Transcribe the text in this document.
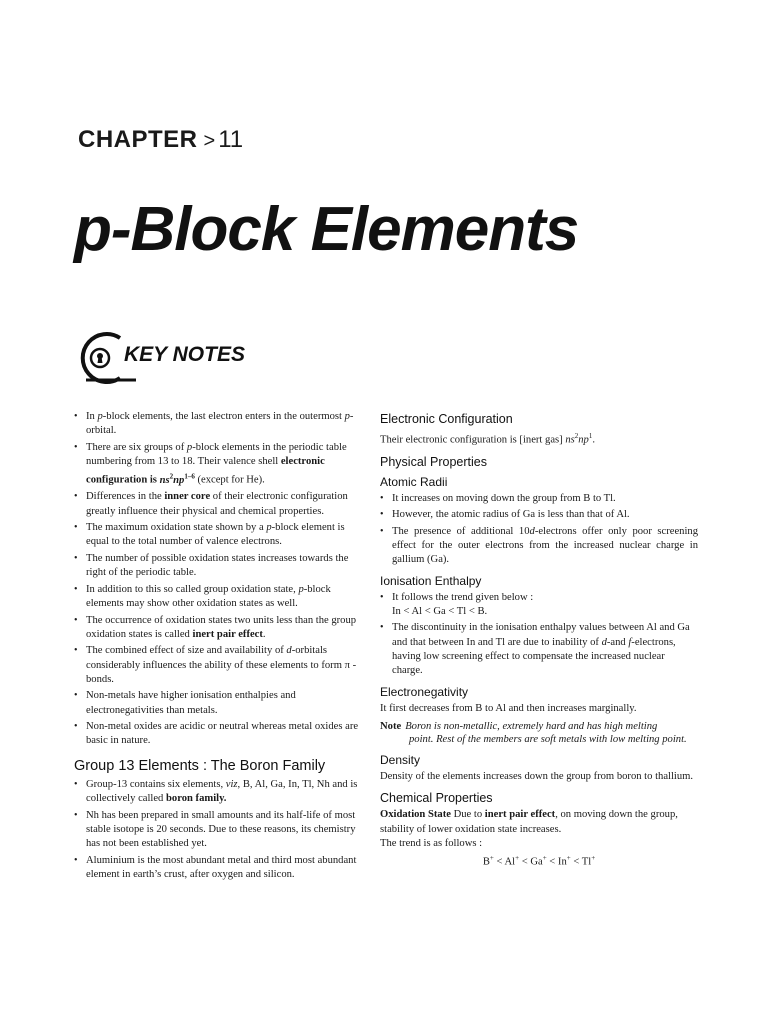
CHAPTER > 11
p-Block Elements
KEY NOTES
• In p-block elements, the last electron enters in the outermost p-orbital.
• There are six groups of p-block elements in the periodic table numbering from 13 to 18. Their valence shell electronic configuration is $ns^2np^{1-6}$ (except for He).
• Differences in the inner core of their electronic configuration greatly influence their physical and chemical properties.
• The maximum oxidation state shown by a p-block element is equal to the total number of valence electrons.
• The number of possible oxidation states increases towards the right of the periodic table.
• In addition to this so called group oxidation state, p-block elements may show other oxidation states as well.
• The occurrence of oxidation states two units less than the group oxidation states is called inert pair effect.
• The combined effect of size and availability of d-orbitals considerably influences the ability of these elements to form π -bonds.
• Non-metals have higher ionisation enthalpies and electronegativities than metals.
• Non-metal oxides are acidic or neutral whereas metal oxides are basic in nature.
Group 13 Elements : The Boron Family
• Group-13 contains six elements, viz, B, Al, Ga, In, Tl, Nh and is collectively called boron family.
• Nh has been prepared in small amounts and its half-life of most stable isotope is 20 seconds. Due to these reasons, its chemistry has not been established yet.
• Aluminium is the most abundant metal and third most abundant element in earth’s crust, after oxygen and silicon.
Electronic Configuration

Their electronic configuration is [inert gas] $ns^2np^1$.

Physical Properties
Atomic Radii
• It increases on moving down the group from B to Tl.
• However, the atomic radius of Ga is less than that of Al.
• The presence of additional 10d-electrons offer only poor screening effect for the outer electrons from the increased nuclear charge in gallium (Ga).
Ionisation Enthalpy
• It follows the trend given below :
In < Al < Ga < Tl < B.
• The discontinuity in the ionisation enthalpy values between Al and Ga and that between In and Tl are due to inability of d-and f-electrons, having low screening effect to compensate the increased nuclear charge.
Electronegativity

It first decreases from B to Al and then increases marginally.

Note Boron is non-metallic, extremely hard and has high melting
point. Rest of the members are soft metals with low melting point.
Density

Density of the elements increases down the group from boron to thallium.

Chemical Properties

Oxidation State Due to inert pair effect, on moving down the group, stability of lower oxidation state increases.

The trend is as follows :

B+ < Al+ < Ga+ < In+ < Tl+
